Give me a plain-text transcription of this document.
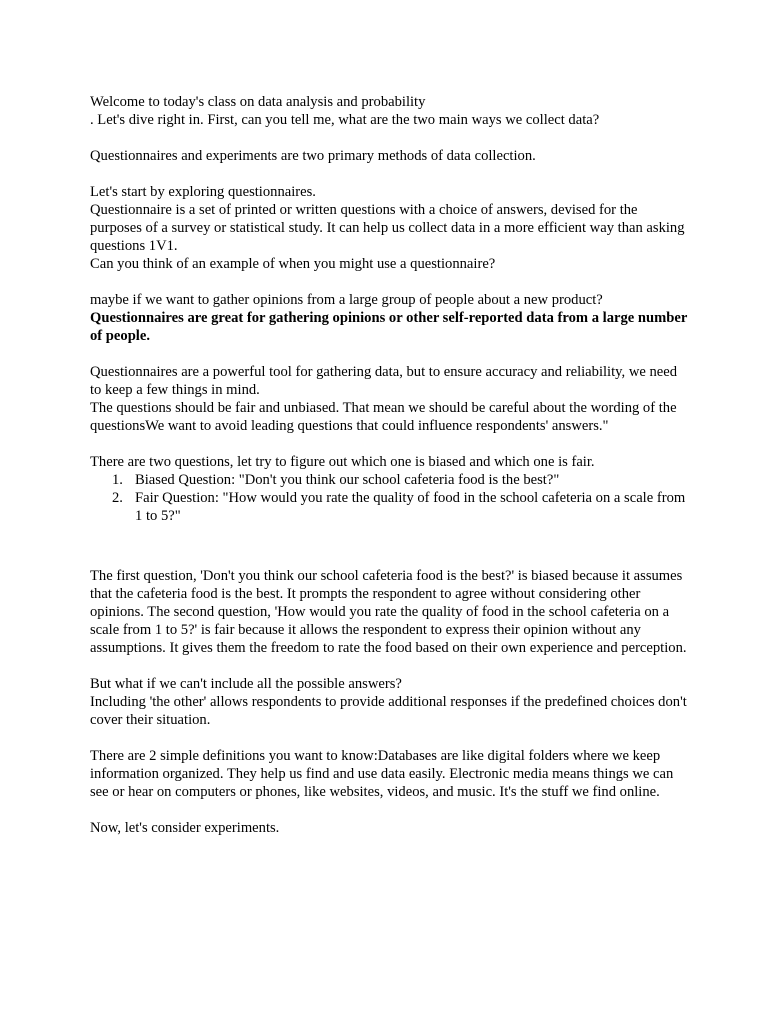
Welcome to today's class on data analysis and probability

. Let's dive right in. First, can you tell me, what are the two main ways we collect data?

Questionnaires and experiments are two primary methods of data collection.

Let's start by exploring questionnaires.

Questionnaire is a set of printed or written questions with a choice of answers, devised for the purposes of a survey or statistical study. It can help us collect data in a more efficient way than asking questions 1V1.

Can you think of an example of when you might use a questionnaire?

maybe if we want to gather opinions from a large group of people about a new product?

Questionnaires are great for gathering opinions or other self-reported data from a large number of people.

Questionnaires are a powerful tool for gathering data, but to ensure accuracy and reliability, we need to keep a few things in mind.

The questions should be fair and unbiased. That mean we should be careful about the wording of the questionsWe want to avoid leading questions that could influence respondents' answers."

There are two questions, let try to figure out which one is biased and which one is fair.

1. Biased Question: "Don't you think our school cafeteria food is the best?"
2. Fair Question: "How would you rate the quality of food in the school cafeteria on a scale from 1 to 5?"

The first question, 'Don't you think our school cafeteria food is the best?' is biased because it assumes that the cafeteria food is the best. It prompts the respondent to agree without considering other opinions. The second question, 'How would you rate the quality of food in the school cafeteria on a scale from 1 to 5?' is fair because it allows the respondent to express their opinion without any assumptions. It gives them the freedom to rate the food based on their own experience and perception.

But what if we can't include all the possible answers?

Including 'the other' allows respondents to provide additional responses if the predefined choices don't cover their situation.

There are 2 simple definitions you want to know:Databases are like digital folders where we keep information organized. They help us find and use data easily. Electronic media means things we can see or hear on computers or phones, like websites, videos, and music. It's the stuff we find online.

Now, let's consider experiments.
